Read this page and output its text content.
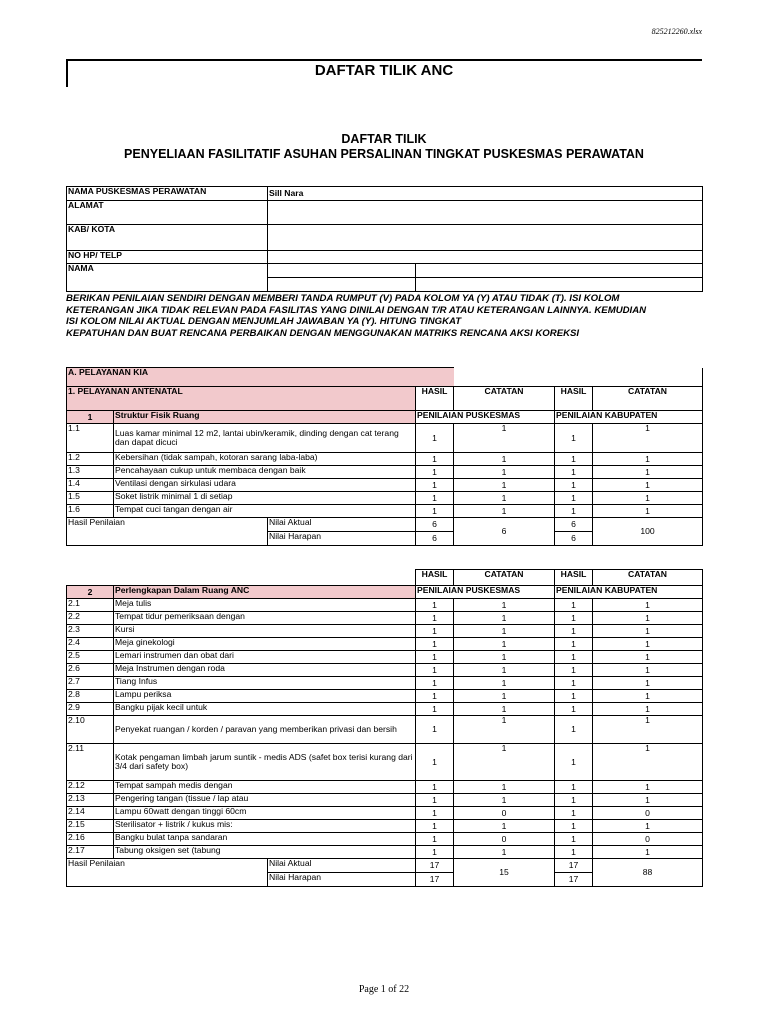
825212260.xlsx
DAFTAR TILIK ANC
DAFTAR TILIK
PENYELIAAN FASILITATIF ASUHAN PERSALINAN TINGKAT PUSKESMAS PERAWATAN
NAMA PUSKESMAS PERAWATAN	Sill Nara	
ALAMAT		
KAB/ KOTA		
NO HP/ TELP		
NAMA		

BERIKAN PENILAIAN SENDIRI DENGAN MEMBERI TANDA RUMPUT (V) PADA KOLOM YA (Y) ATAU TIDAK (T). ISI KOLOM
KETERANGAN JIKA TIDAK RELEVAN PADA FASILITAS YANG DINILAI DENGAN T/R ATAU KETERANGAN LAINNYA. KEMUDIAN
ISI KOLOM NILAI AKTUAL DENGAN MENJUMLAH JAWABAN YA (Y). HITUNG TINGKAT
KEPATUHAN DAN BUAT RENCANA PERBAIKAN DENGAN MENGGUNAKAN MATRIKS RENCANA AKSI KOREKSI
A. PELAYANAN KIA						
1. PELAYANAN ANTENATAL			HASIL	CATATAN	HASIL	CATATAN
1	Struktur Fisik Ruang		PENILAIAN PUSKESMAS		PENILAIAN KABUPATEN	
1.1	Luas kamar minimal 12 m2, lantai ubin/keramik, dinding dengan cat terang dan dapat dicuci		1	1	1	1
1.2	Kebersihan (tidak sampah, kotoran sarang laba-laba)		1	1	1	1
1.3	Pencahayaan cukup untuk membaca dengan baik		1	1	1	1
1.4	Ventilasi dengan sirkulasi udara		1	1	1	1
1.5	Soket listrik minimal 1 di setiap		1	1	1	1
1.6	Tempat cuci tangan dengan air		1	1	1	1
Hasil Penilaian		Nilai Aktual	6	6	6	100
		Nilai Harapan	6		6	
			HASIL	CATATAN	HASIL	CATATAN
2	Perlengkapan Dalam Ruang ANC		PENILAIAN PUSKESMAS		PENILAIAN KABUPATEN	
2.1	Meja tulis		1	1	1	1
2.2	Tempat tidur pemeriksaan dengan		1	1	1	1
2.3	Kursi		1	1	1	1
2.4	Meja ginekologi		1	1	1	1
2.5	Lemari instrumen dan obat dari		1	1	1	1
2.6	Meja Instrumen dengan roda		1	1	1	1
2.7	Tiang Infus		1	1	1	1
2.8	Lampu periksa		1	1	1	1
2.9	Bangku pijak kecil untuk		1	1	1	1
2.10	Penyekat ruangan / korden / paravan yang memberikan privasi dan bersih		1	1	1	1
2.11	Kotak pengaman limbah jarum suntik - medis ADS (safet box terisi kurang dari 3/4 dari safety box)		1	1	1	1
2.12	Tempat sampah medis dengan		1	1	1	1
2.13	Pengering tangan (tissue / lap atau		1	1	1	1
2.14	Lampu 60watt dengan tinggi 60cm		1	0	1	0
2.15	Sterilisator + listrik / kukus mis:		1	1	1	1
2.16	Bangku bulat tanpa sandaran		1	0	1	0
2.17	Tabung oksigen set (tabung		1	1	1	1
Hasil Penilaian		Nilai Aktual	17	15	17	88
		Nilai Harapan	17		17	
Page 1 of 22
